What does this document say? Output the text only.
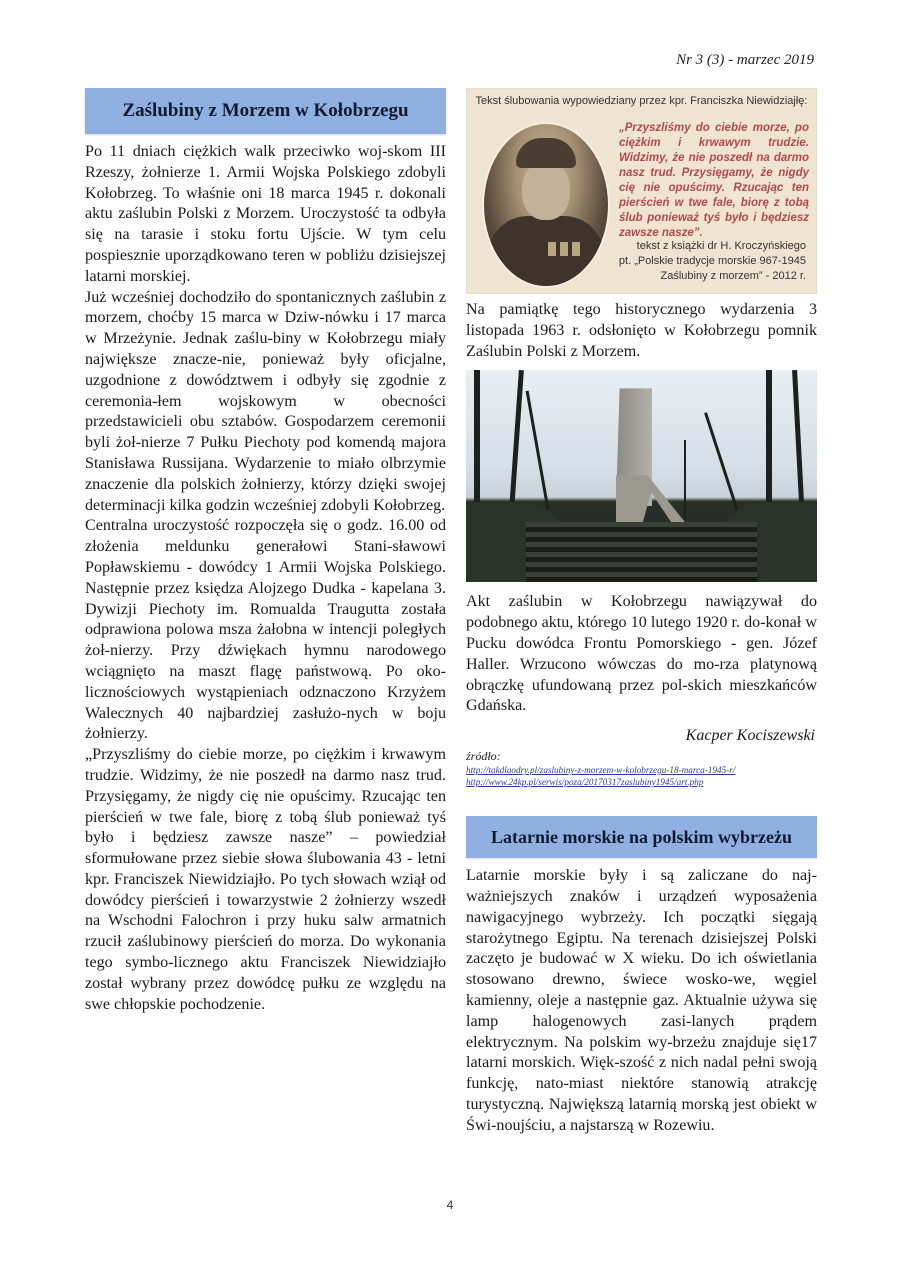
Nr 3 (3) - marzec 2019
Zaślubiny z Morzem w Kołobrzegu

Po 11 dniach ciężkich walk przeciwko woj-skom III Rzeszy, żołnierze 1. Armii Wojska Polskiego zdobyli Kołobrzeg. To właśnie oni 18 marca 1945 r. dokonali aktu zaślubin Polski z Morzem. Uroczystość ta odbyła się na tarasie i stoku fortu Ujście. W tym celu pospiesznie uporządkowano teren w pobliżu dzisiejszej latarni morskiej.

Już wcześniej dochodziło do spontanicznych zaślubin z morzem, choćby 15 marca w Dziw-nówku i 17 marca w Mrzeżynie. Jednak zaślu-biny w Kołobrzegu miały największe znacze-nie, ponieważ były oficjalne, uzgodnione z dowództwem i odbyły się zgodnie z ceremonia-łem wojskowym w obecności przedstawicieli obu sztabów. Gospodarzem ceremonii byli żoł-nierze 7 Pułku Piechoty pod komendą majora Stanisława Russijana. Wydarzenie to miało olbrzymie znaczenie dla polskich żołnierzy, którzy dzięki swojej determinacji kilka godzin wcześniej zdobyli Kołobrzeg.

Centralna uroczystość rozpoczęła się o godz. 16.00 od złożenia meldunku generałowi Stani-sławowi Popławskiemu - dowódcy 1 Armii Wojska Polskiego. Następnie przez księdza Alojzego Dudka - kapelana 3. Dywizji Piechoty im. Romualda Traugutta została odprawiona polowa msza żałobna w intencji poległych żoł-nierzy. Przy dźwiękach hymnu narodowego wciągnięto na maszt flagę państwową. Po oko-licznościowych wystąpieniach odznaczono Krzyżem Walecznych 40 najbardziej zasłużo-nych w boju żołnierzy.

„Przyszliśmy do ciebie morze, po ciężkim i krwawym trudzie. Widzimy, że nie poszedł na darmo nasz trud. Przysięgamy, że nigdy cię nie opuścimy. Rzucając ten pierścień w twe fale, biorę z tobą ślub ponieważ tyś było i będziesz zawsze nasze” – powiedział sformułowane przez siebie słowa ślubowania 43 - letni kpr. Franciszek Niewidziajło. Po tych słowach wziął od dowódcy pierścień i towarzystwie 2 żołnierzy wszedł na Wschodni Falochron i przy huku salw armatnich rzucił zaślubinowy pierścień do morza. Do wykonania tego symbo-licznego aktu Franciszek Niewidziajło został wybrany przez dowódcę pułku ze względu na swe chłopskie pochodzenie.

Tekst ślubowania wypowiedziany przez kpr. Franciszka Niewidziajłę:
„Przyszliśmy do ciebie morze, po ciężkim i krwawym trudzie. Widzimy, że nie poszedł na darmo nasz trud. Przysięgamy, że nigdy cię nie opuścimy. Rzucając ten pierścień w twe fale, biorę z tobą ślub ponieważ tyś było i będziesz zawsze nasze”.
tekst z książki dr H. Kroczyńskiego
pt. „Polskie tradycje morskie 967-1945
Zaślubiny z morzem” - 2012 r.

Na pamiątkę tego historycznego wydarzenia 3 listopada 1963 r. odsłonięto w Kołobrzegu pomnik Zaślubin Polski z Morzem.

Akt zaślubin w Kołobrzegu nawiązywał do podobnego aktu, którego 10 lutego 1920 r. do-konał w Pucku dowódca Frontu Pomorskiego - gen. Józef Haller. Wrzucono wówczas do mo-rza platynową obrączkę ufundowaną przez pol-skich mieszkańców Gdańska.

Kacper Kociszewski
źródło:
http://takdlaodry.pl/zaslubiny-z-morzem-w-kolobrzegu-18-marca-1945-r/
http://www.24kp.pl/serwis/poza/20170317zaslubiny1945/art.php
Latarnie morskie na polskim wybrzeżu

Latarnie morskie były i są zaliczane do naj-ważniejszych znaków i urządzeń wyposażenia nawigacyjnego wybrzeży. Ich początki sięgają starożytnego Egiptu. Na terenach dzisiejszej Polski zaczęto je budować w X wieku. Do ich oświetlania stosowano drewno, świece wosko-we, węgiel kamienny, oleje a następnie gaz. Aktualnie używa się lamp halogenowych zasi-lanych prądem elektrycznym. Na polskim wy-brzeżu znajduje się17 latarni morskich. Więk-szość z nich nadal pełni swoją funkcję, nato-miast niektóre stanowią atrakcję turystyczną. Największą latarnią morską jest obiekt w Świ-noujściu, a najstarszą w Rozewiu.

4
